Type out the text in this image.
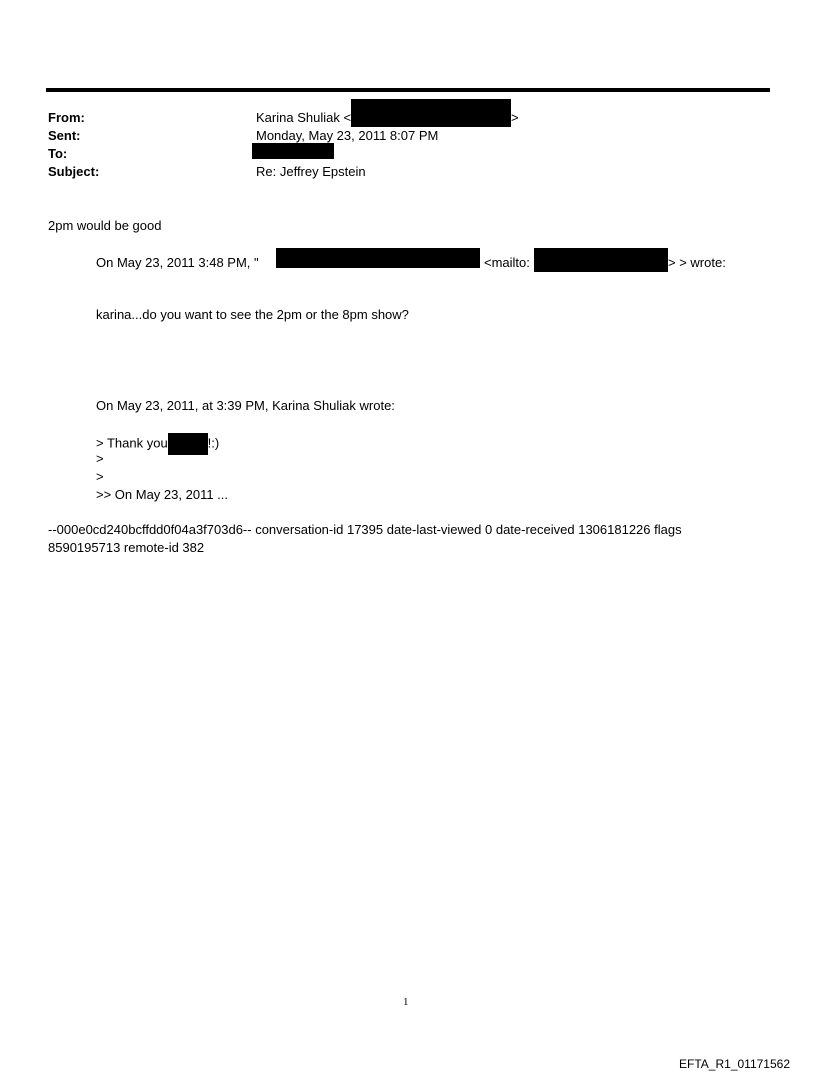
From:	Karina Shuliak <	>
Sent:	Monday, May 23, 2011 8:07 PM
To:
Subject:	Re: Jeffrey Epstein
2pm would be good
On May 23, 2011 3:48 PM, "	<mailto:	> > wrote:
karina...do you want to see the 2pm or the 8pm show?
On May 23, 2011, at 3:39 PM, Karina Shuliak wrote:
> Thank you	!:)
>
>
>> On May 23, 2011 ...
--000e0cd240bcffdd0f04a3f703d6-- conversation-id 17395 date-last-viewed 0 date-received 1306181226 flags
8590195713 remote-id 382
1
EFTA_R1_01171562
